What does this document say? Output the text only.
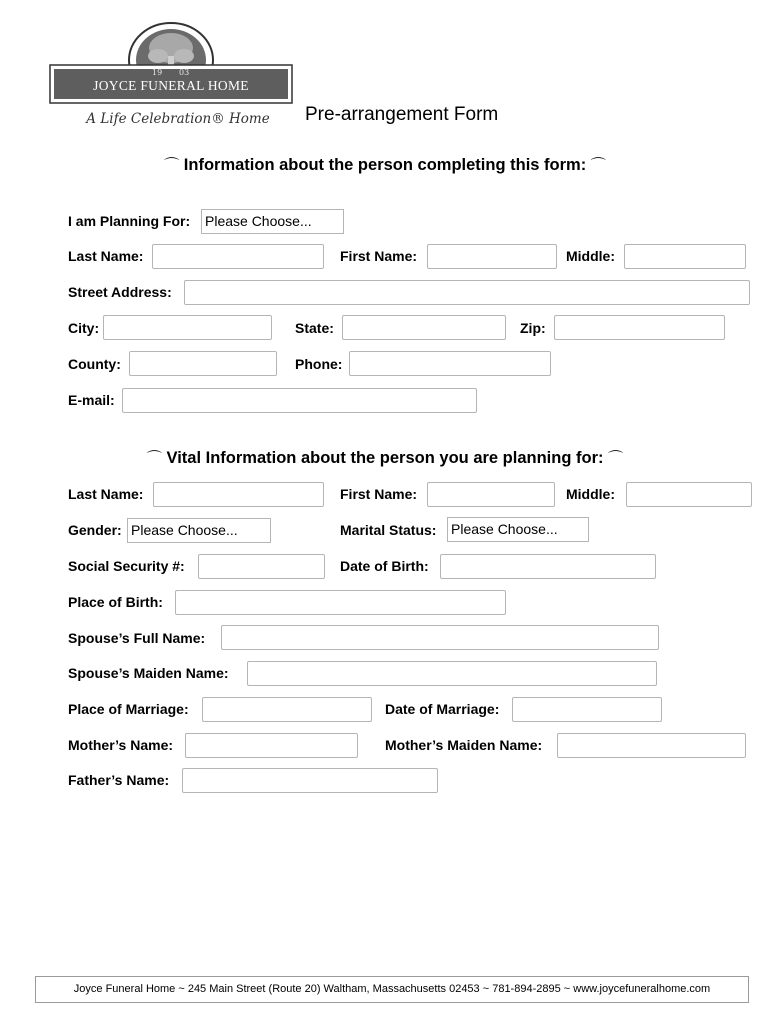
19 03
JOYCE FUNERAL HOME
A Life Celebration® Home	Pre-arrangement Form
⌒ Information about the person completing this form: ⌒
I am Planning For: Please Choose...
Last Name:	First Name:	Middle:
Street Address:
City:	State:	Zip:
County:	Phone:
E-mail:
⌒ Vital Information about the person you are planning for: ⌒
Last Name:	First Name:	Middle:
Gender: Please Choose...	Marital Status: Please Choose...
Social Security #:	Date of Birth:
Place of Birth:
Spouse’s Full Name:
Spouse’s Maiden Name:
Place of Marriage:	Date of Marriage:
Mother’s Name:	Mother’s Maiden Name:
Father’s Name:
Joyce Funeral Home ~ 245 Main Street (Route 20) Waltham, Massachusetts 02453 ~ 781-894-2895 ~ www.joycefuneralhome.com
